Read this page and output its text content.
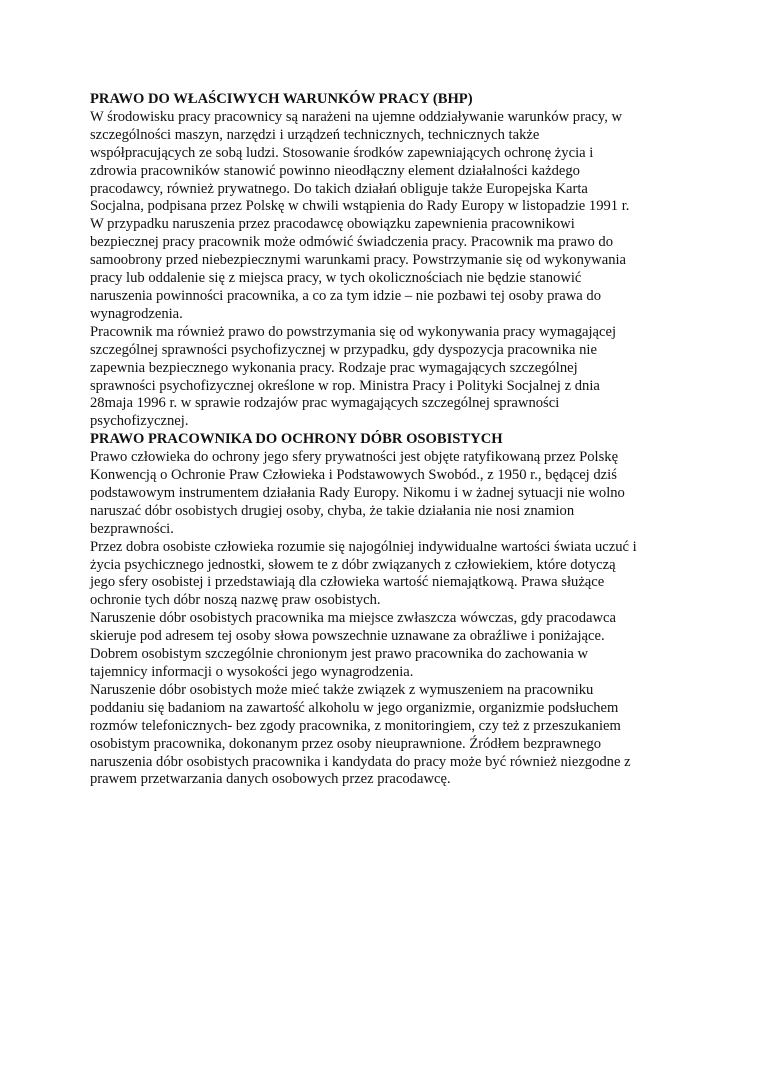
PRAWO DO WŁAŚCIWYCH WARUNKÓW PRACY (BHP)
W środowisku pracy pracownicy są narażeni na ujemne oddziaływanie warunków pracy, w
szczególności maszyn, narzędzi i urządzeń technicznych, technicznych także
współpracujących ze sobą ludzi. Stosowanie środków zapewniających ochronę życia i
zdrowia pracowników stanowić powinno nieodłączny element działalności każdego
pracodawcy, również prywatnego. Do takich działań obliguje także Europejska Karta
Socjalna, podpisana przez Polskę w chwili wstąpienia do Rady Europy w listopadzie 1991 r.
W przypadku naruszenia przez pracodawcę obowiązku zapewnienia pracownikowi
bezpiecznej pracy pracownik może odmówić świadczenia pracy. Pracownik ma prawo do
samoobrony przed niebezpiecznymi warunkami pracy. Powstrzymanie się od wykonywania
pracy lub oddalenie się z miejsca pracy, w tych okolicznościach nie będzie stanowić
naruszenia powinności pracownika, a co za tym idzie – nie pozbawi tej osoby prawa do
wynagrodzenia.
Pracownik ma również prawo do powstrzymania się od wykonywania pracy wymagającej
szczególnej sprawności psychofizycznej w przypadku, gdy dyspozycja pracownika nie
zapewnia bezpiecznego wykonania pracy. Rodzaje prac wymagających szczególnej
sprawności psychofizycznej określone w rop. Ministra Pracy i Polityki Socjalnej z dnia
28maja 1996 r. w sprawie rodzajów prac wymagających szczególnej sprawności
psychofizycznej.
PRAWO PRACOWNIKA DO OCHRONY DÓBR OSOBISTYCH
Prawo człowieka do ochrony jego sfery prywatności jest objęte ratyfikowaną przez Polskę
Konwencją o Ochronie Praw Człowieka i Podstawowych Swobód., z 1950 r., będącej dziś
podstawowym instrumentem działania Rady Europy. Nikomu i w żadnej sytuacji nie wolno
naruszać dóbr osobistych drugiej osoby, chyba, że takie działania nie nosi znamion
bezprawności.
Przez dobra osobiste człowieka rozumie się najogólniej indywidualne wartości świata uczuć i
życia psychicznego jednostki, słowem te z dóbr związanych z człowiekiem, które dotyczą
jego sfery osobistej i przedstawiają dla człowieka wartość niemajątkową. Prawa służące
ochronie tych dóbr noszą nazwę praw osobistych.
Naruszenie dóbr osobistych pracownika ma miejsce zwłaszcza wówczas, gdy pracodawca
skieruje pod adresem tej osoby słowa powszechnie uznawane za obraźliwe i poniżające.
Dobrem osobistym szczególnie chronionym jest prawo pracownika do zachowania w
tajemnicy informacji o wysokości jego wynagrodzenia.
Naruszenie dóbr osobistych może mieć także związek z wymuszeniem na pracowniku
poddaniu się badaniom na zawartość alkoholu w jego organizmie, organizmie podsłuchem
rozmów telefonicznych- bez zgody pracownika, z monitoringiem, czy też z przeszukaniem
osobistym pracownika, dokonanym przez osoby nieuprawnione. Źródłem bezprawnego
naruszenia dóbr osobistych pracownika i kandydata do pracy może być również niezgodne z
prawem przetwarzania danych osobowych przez pracodawcę.
